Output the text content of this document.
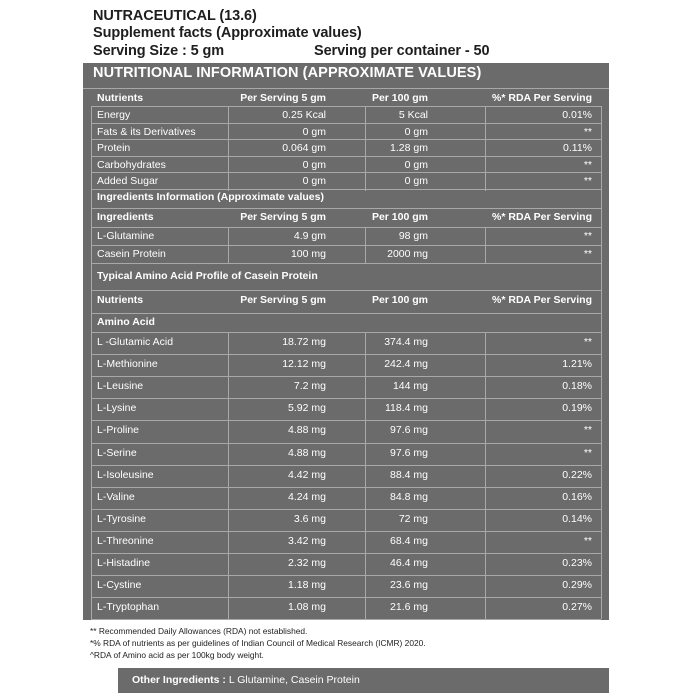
NUTRACEUTICAL (13.6)
Supplement facts (Approximate values)
Serving Size : 5 gm	Serving per container - 50
NUTRITIONAL INFORMATION (APPROXIMATE VALUES)
Nutrients	Per Serving 5 gm	Per 100 gm	%* RDA Per Serving
Energy	0.25 Kcal	5 Kcal	0.01%
Fats & its Derivatives	0 gm	0 gm	**
Protein	0.064 gm	1.28 gm	0.11%
Carbohydrates	0 gm	0 gm	**
Added Sugar	0 gm	0 gm	**
Ingredients Information (Approximate values)
Ingredients	Per Serving 5 gm	Per 100 gm	%* RDA Per Serving
L-Glutamine	4.9 gm	98 gm	**
Casein Protein	100 mg	2000 mg	**
Typical Amino Acid Profile of Casein Protein
Nutrients	Per Serving 5 gm	Per 100 gm	%* RDA Per Serving
Amino Acid
L -Glutamic Acid	18.72 mg	374.4 mg	**
L-Methionine	12.12 mg	242.4 mg	1.21%
L-Leusine	7.2 mg	144 mg	0.18%
L-Lysine	5.92 mg	118.4 mg	0.19%
L-Proline	4.88 mg	97.6 mg	**
L-Serine	4.88 mg	97.6 mg	**
L-Isoleusine	4.42 mg	88.4 mg	0.22%
L-Valine	4.24 mg	84.8 mg	0.16%
L-Tyrosine	3.6 mg	72 mg	0.14%
L-Threonine	3.42 mg	68.4 mg	**
L-Histadine	2.32 mg	46.4 mg	0.23%
L-Cystine	1.18 mg	23.6 mg	0.29%
L-Tryptophan	1.08 mg	21.6 mg	0.27%
** Recommended Daily Allowances (RDA) not established.
*% RDA of nutrients as per guidelines of Indian Council of Medical Research (ICMR) 2020.
^RDA of Amino acid as per 100kg body weight.
Other Ingredients : L Glutamine, Casein Protein
